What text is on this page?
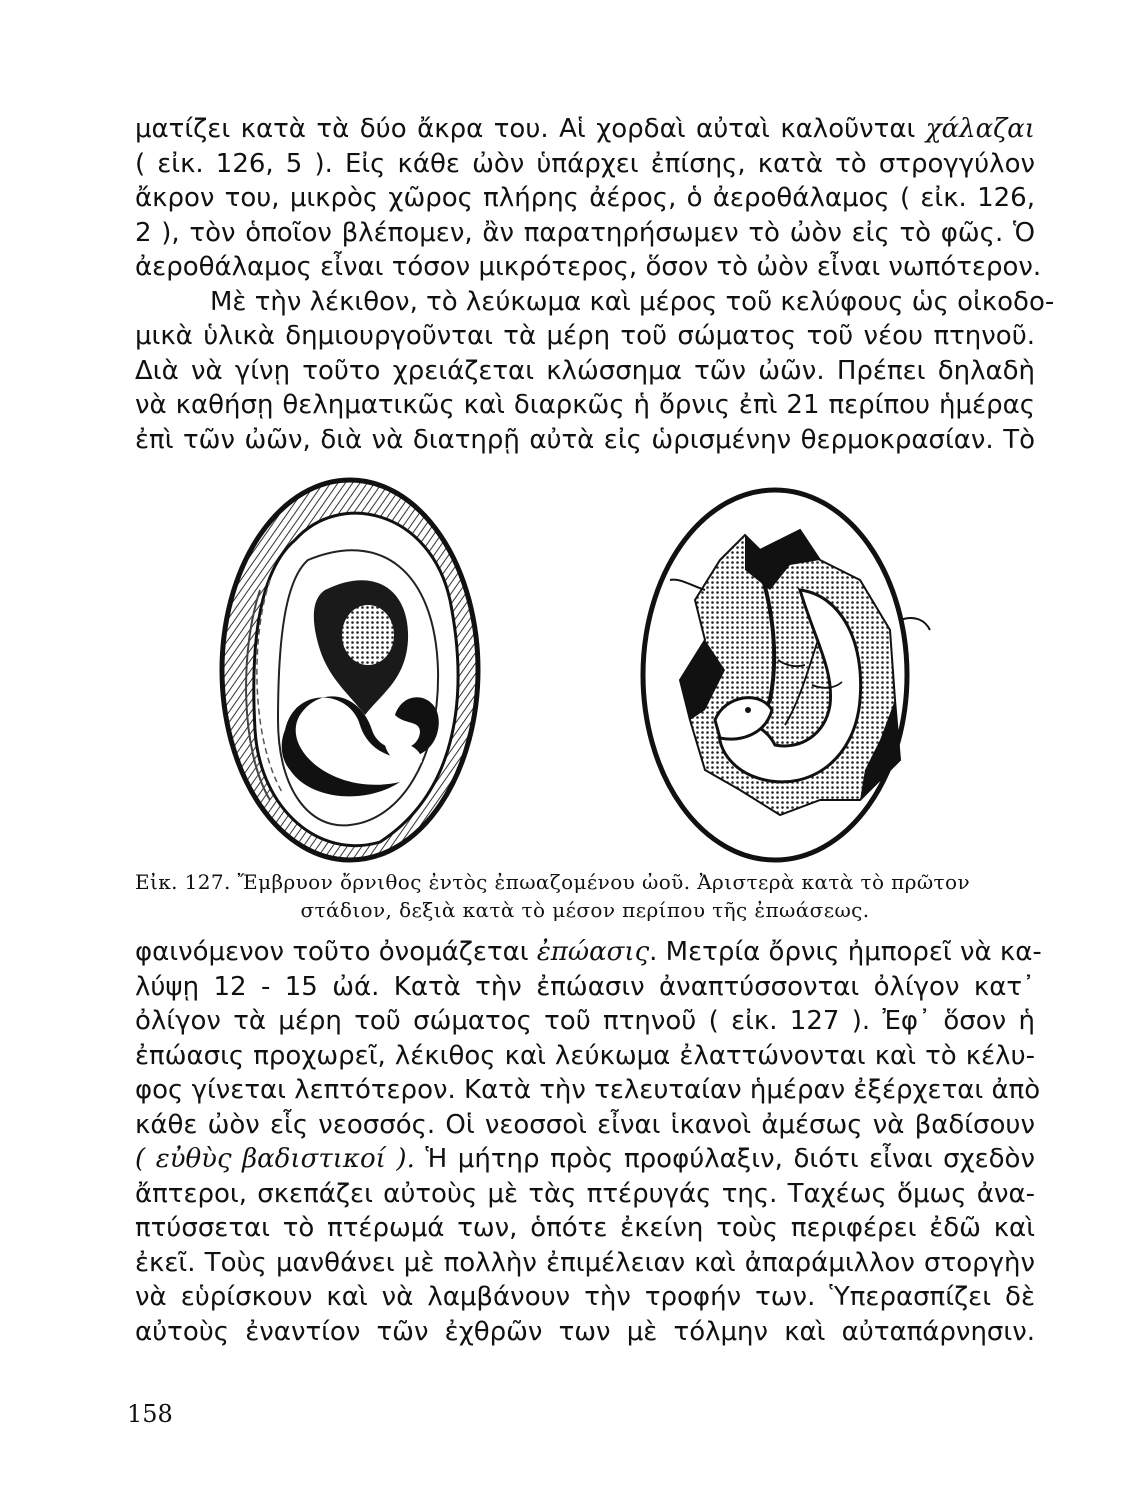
ματίζει κατὰ τὰ δύο ἄκρα του. Αἱ χορδαὶ αὐταὶ καλοῦνται χάλαζαι
( εἰκ. 126, 5 ). Εἰς κάθε ὠὸν ὑπάρχει ἐπίσης, κατὰ τὸ στρογγύλον
ἄκρον του, μικρὸς χῶρος πλήρης ἀέρος, ὁ ἀεροθάλαμος ( εἰκ. 126,
2 ), τὸν ὁποῖον βλέπομεν, ἂν παρατηρήσωμεν τὸ ὠὸν εἰς τὸ φῶς. Ὁ
ἀεροθάλαμος εἶναι τόσον μικρότερος, ὅσον τὸ ὠὸν εἶναι νωπότερον.
Μὲ τὴν λέκιθον, τὸ λεύκωμα καὶ μέρος τοῦ κελύφους ὡς οἰκοδο-
μικὰ ὑλικὰ δημιουργοῦνται τὰ μέρη τοῦ σώματος τοῦ νέου πτηνοῦ.
Διὰ νὰ γίνῃ τοῦτο χρειάζεται κλώσσημα τῶν ὠῶν. Πρέπει δηλαδὴ
νὰ καθήσῃ θεληματικῶς καὶ διαρκῶς ἡ ὄρνις ἐπὶ 21 περίπου ἡμέρας
ἐπὶ τῶν ὠῶν, διὰ νὰ διατηρῇ αὐτὰ εἰς ὡρισμένην θερμοκρασίαν. Τὸ
Εἰκ. 127. Ἔμβρυον ὄρνιθος ἐντὸς ἐπωαζομένου ὠοῦ. Ἀριστερὰ κατὰ τὸ πρῶτον
στάδιον, δεξιὰ κατὰ τὸ μέσον περίπου τῆς ἐπωάσεως.
φαινόμενον τοῦτο ὀνομάζεται ἐπώασις. Μετρία ὄρνις ἠμπορεῖ νὰ κα-
λύψῃ 12 - 15 ὠά. Κατὰ τὴν ἐπώασιν ἀναπτύσσονται ὀλίγον κατ᾽
ὀλίγον τὰ μέρη τοῦ σώματος τοῦ πτηνοῦ ( εἰκ. 127 ). Ἐφ᾽ ὅσον ἡ
ἐπώασις προχωρεῖ, λέκιθος καὶ λεύκωμα ἐλαττώνονται καὶ τὸ κέλυ-
φος γίνεται λεπτότερον. Κατὰ τὴν τελευταίαν ἡμέραν ἐξέρχεται ἀπὸ
κάθε ὠὸν εἷς νεοσσός. Οἱ νεοσσοὶ εἶναι ἱκανοὶ ἀμέσως νὰ βαδίσουν
( εὐθὺς βαδιστικοί ). Ἡ μήτηρ πρὸς προφύλαξιν, διότι εἶναι σχεδὸν
ἄπτεροι, σκεπάζει αὐτοὺς μὲ τὰς πτέρυγάς της. Ταχέως ὅμως ἀνα-
πτύσσεται τὸ πτέρωμά των, ὁπότε ἐκείνη τοὺς περιφέρει ἐδῶ καὶ
ἐκεῖ. Τοὺς μανθάνει μὲ πολλὴν ἐπιμέλειαν καὶ ἀπαράμιλλον στοργὴν
νὰ εὑρίσκουν καὶ νὰ λαμβάνουν τὴν τροφήν των. Ὑπερασπίζει δὲ
αὐτοὺς ἐναντίον τῶν ἐχθρῶν των μὲ τόλμην καὶ αὐταπάρνησιν.
158
